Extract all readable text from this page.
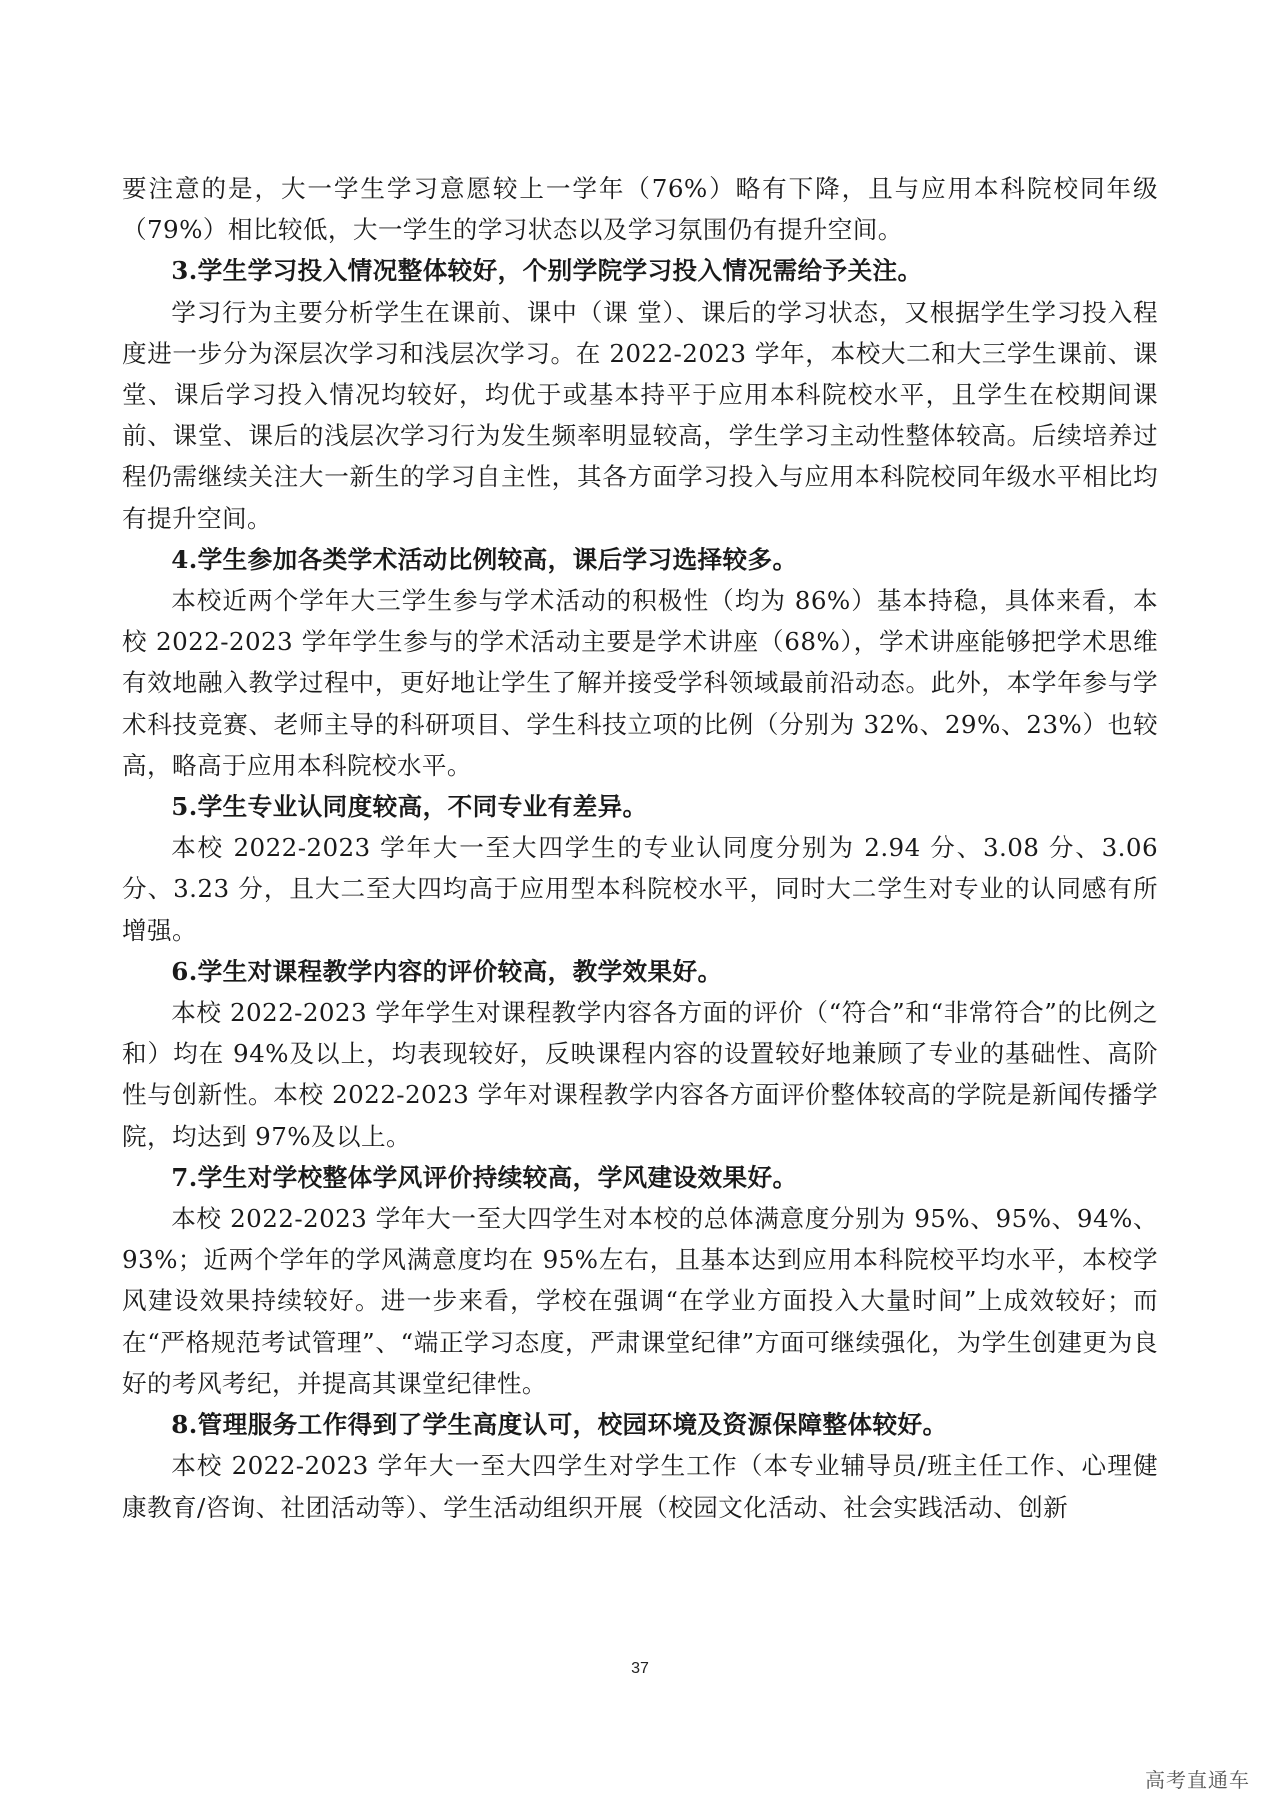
要注意的是，大一学生学习意愿较上一学年（76%）略有下降，且与应用本科院校同年级（79%）相比较低，大一学生的学习状态以及学习氛围仍有提升空间。

3.学生学习投入情况整体较好，个别学院学习投入情况需给予关注。

学习行为主要分析学生在课前、课中（课 堂）、课后的学习状态，又根据学生学习投入程度进一步分为深层次学习和浅层次学习。在 2022-2023 学年，本校大二和大三学生课前、课堂、课后学习投入情况均较好，均优于或基本持平于应用本科院校水平，且学生在校期间课前、课堂、课后的浅层次学习行为发生频率明显较高，学生学习主动性整体较高。后续培养过程仍需继续关注大一新生的学习自主性，其各方面学习投入与应用本科院校同年级水平相比均有提升空间。

4.学生参加各类学术活动比例较高，课后学习选择较多。

本校近两个学年大三学生参与学术活动的积极性（均为 86%）基本持稳，具体来看，本校 2022-2023 学年学生参与的学术活动主要是学术讲座（68%），学术讲座能够把学术思维有效地融入教学过程中，更好地让学生了解并接受学科领域最前沿动态。此外，本学年参与学术科技竞赛、老师主导的科研项目、学生科技立项的比例（分别为 32%、29%、23%）也较高，略高于应用本科院校水平。

5.学生专业认同度较高，不同专业有差异。

本校 2022-2023 学年大一至大四学生的专业认同度分别为 2.94 分、3.08 分、3.06 分、3.23 分，且大二至大四均高于应用型本科院校水平，同时大二学生对专业的认同感有所增强。

6.学生对课程教学内容的评价较高，教学效果好。

本校 2022-2023 学年学生对课程教学内容各方面的评价（“符合”和“非常符合”的比例之和）均在 94%及以上，均表现较好，反映课程内容的设置较好地兼顾了专业的基础性、高阶性与创新性。本校 2022-2023 学年对课程教学内容各方面评价整体较高的学院是新闻传播学院，均达到 97%及以上。

7.学生对学校整体学风评价持续较高，学风建设效果好。

本校 2022-2023 学年大一至大四学生对本校的总体满意度分别为 95%、95%、94%、93%；近两个学年的学风满意度均在 95%左右，且基本达到应用本科院校平均水平，本校学风建设效果持续较好。进一步来看，学校在强调“在学业方面投入大量时间”上成效较好；而在“严格规范考试管理”、“端正学习态度，严肃课堂纪律”方面可继续强化，为学生创建更为良好的考风考纪，并提高其课堂纪律性。

8.管理服务工作得到了学生高度认可，校园环境及资源保障整体较好。

本校 2022-2023 学年大一至大四学生对学生工作（本专业辅导员/班主任工作、心理健康教育/咨询、社团活动等）、学生活动组织开展（校园文化活动、社会实践活动、创新

37
高考直通车
